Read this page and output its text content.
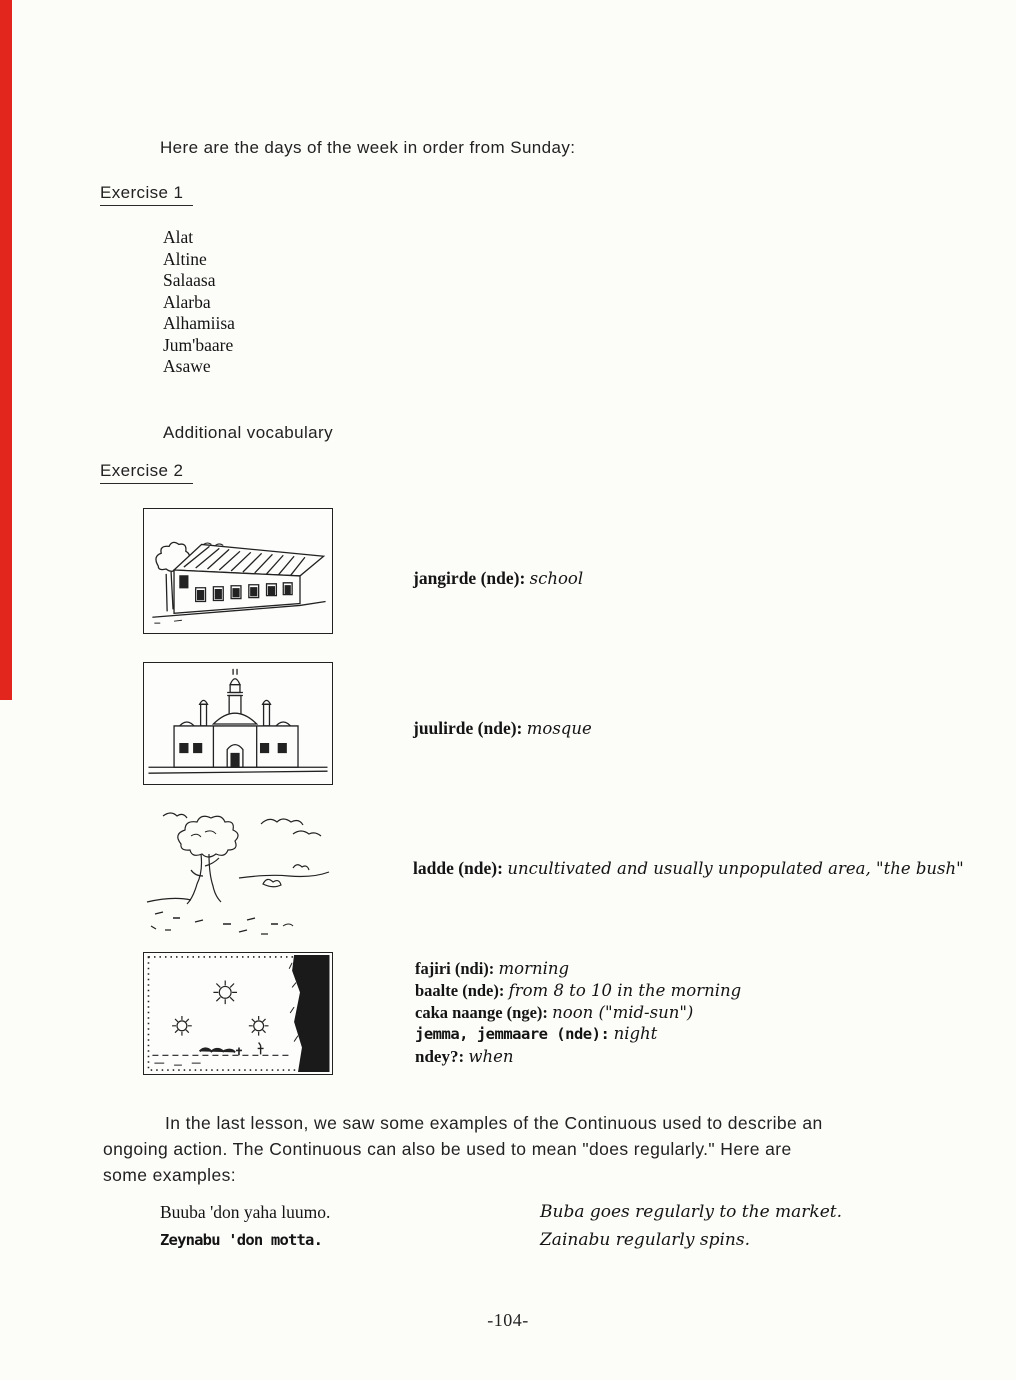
Here are the days of the week in order from Sunday:
Exercise 1
Alat
Altine
Salaasa
Alarba
Alhamiisa
Jum'baare
Asawe
Additional vocabulary
Exercise 2
jangirde (nde): school
juulirde (nde): mosque
ladde (nde): uncultivated and usually unpopulated area, "the bush"
fajiri (ndi): morning
baalte (nde): from 8 to 10 in the morning
caka naange (nge): noon ("mid-sun")
jemma, jemmaare (nde): night
ndey?: when
In the last lesson, we saw some examples of the Continuous used to describe an ongoing action. The Continuous can also be used to mean "does regularly." Here are some examples:
Buuba 'don yaha luumo.
Zeynabu 'don motta.
Buba goes regularly to the market.
Zainabu regularly spins.
-104-
